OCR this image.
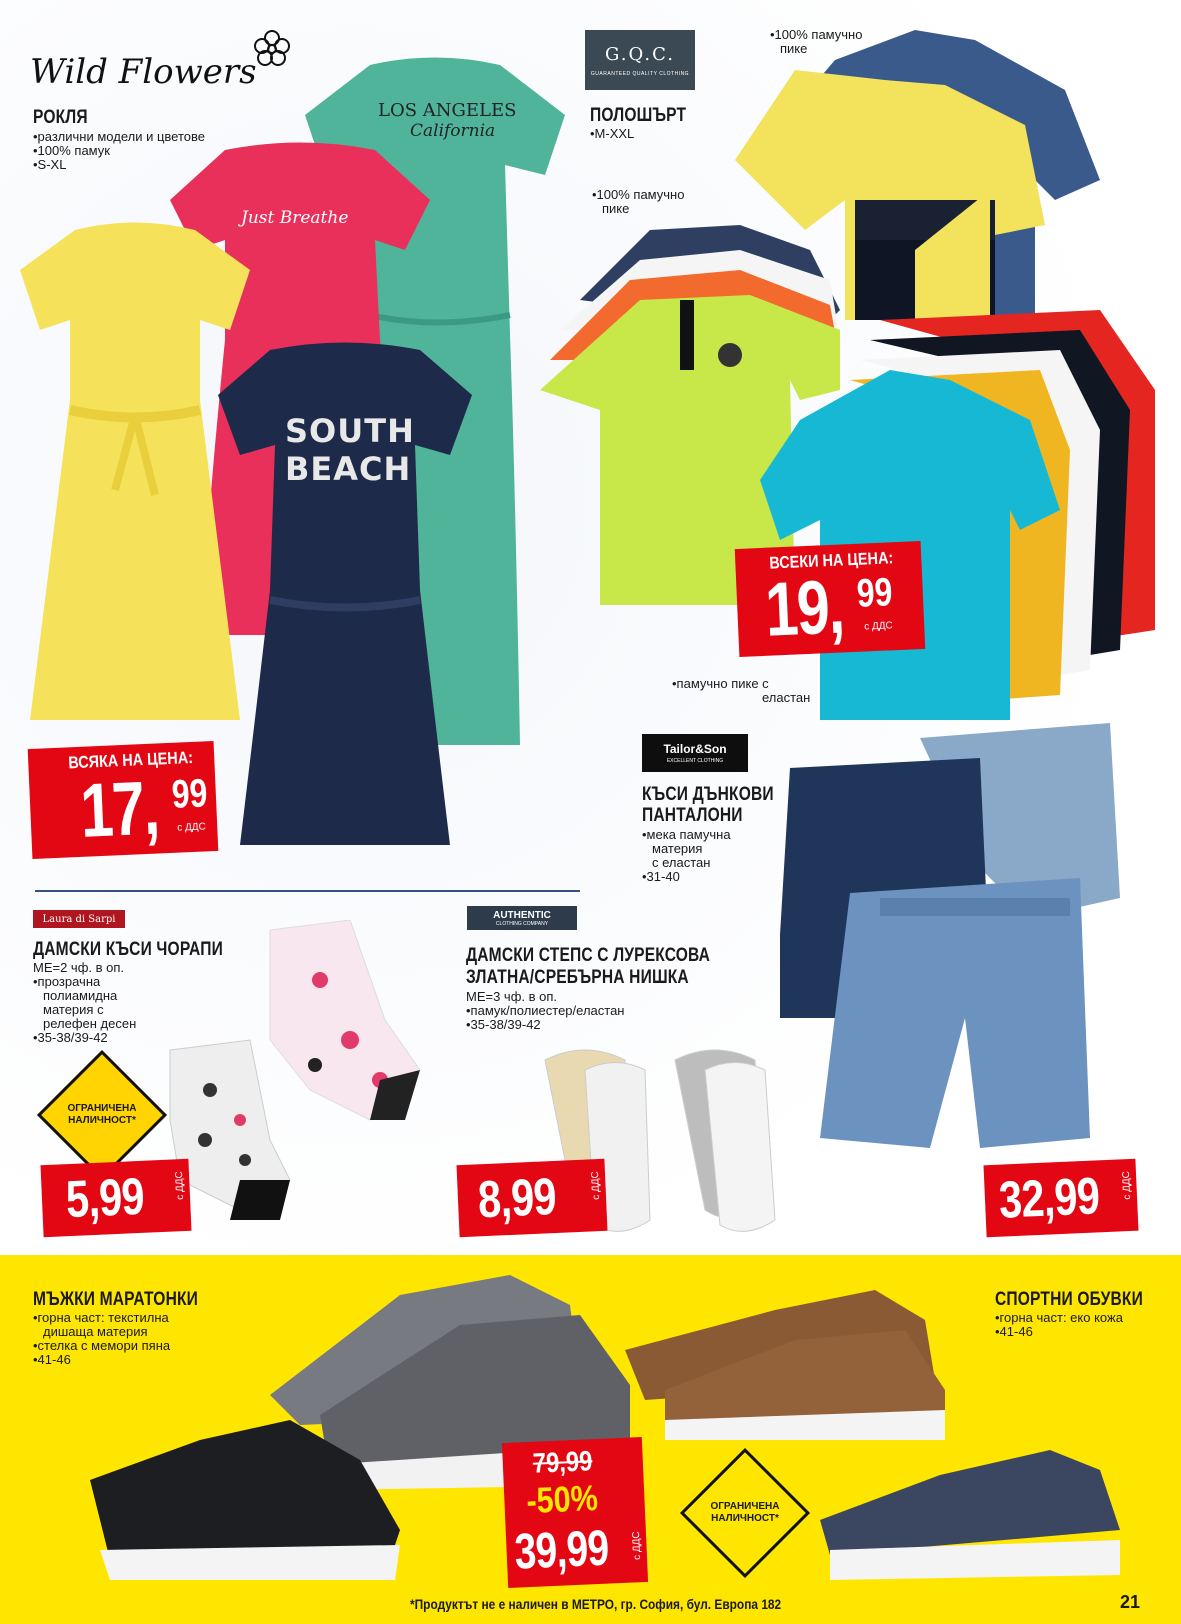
Wild Flowers
РОКЛЯ
•различни модели и цветове
•100% памук
•S-XL
LOS ANGELES
California
Just Breathe
SOUTH
BEACH
ВСЯКА НА ЦЕНА:
17, 99
с ДДС
G.Q.C.
GUARANTEED QUALITY CLOTHING
ПОЛОШЪРТ
•M-XXL
•100% памучно
пике
•100% памучно
пике
•памучно пике с
еластан
ВСЕКИ НА ЦЕНА:
19, 99
с ДДС
Tailor&Son
EXCELLENT CLOTHING
КЪСИ ДЪНКОВИ
ПАНТАЛОНИ
•мека памучна
материя
с еластан
•31-40
32,99 с ДДС
Laura di Sarpi
ДАМСКИ КЪСИ ЧОРАПИ
МЕ=2 чф. в оп.
•прозрачна
полиамидна
материя с
релефен десен
•35-38/39-42
ОГРАНИЧЕНА НАЛИЧНОСТ*
5,99	с ДДС
AUTHENTIC
CLOTHING COMPANY
ДАМСКИ СТЕПС С ЛУРЕКСОВА
ЗЛАТНА/СРЕБЪРНА НИШКА
МЕ=3 чф. в оп.
•памук/полиестер/еластан
•35-38/39-42
8,99	с ДДС
МЪЖКИ МАРАТОНКИ
•горна част: текстилна
дишаща материя
•стелка с мемори пяна
•41-46
СПОРТНИ ОБУВКИ
•горна част: еко кожа
•41-46
79,99
-50%
39,99 с ДДС
ОГРАНИЧЕНА НАЛИЧНОСТ*
*Продуктът не е наличен в МЕТРО, гр. София, бул. Европа 182	21
